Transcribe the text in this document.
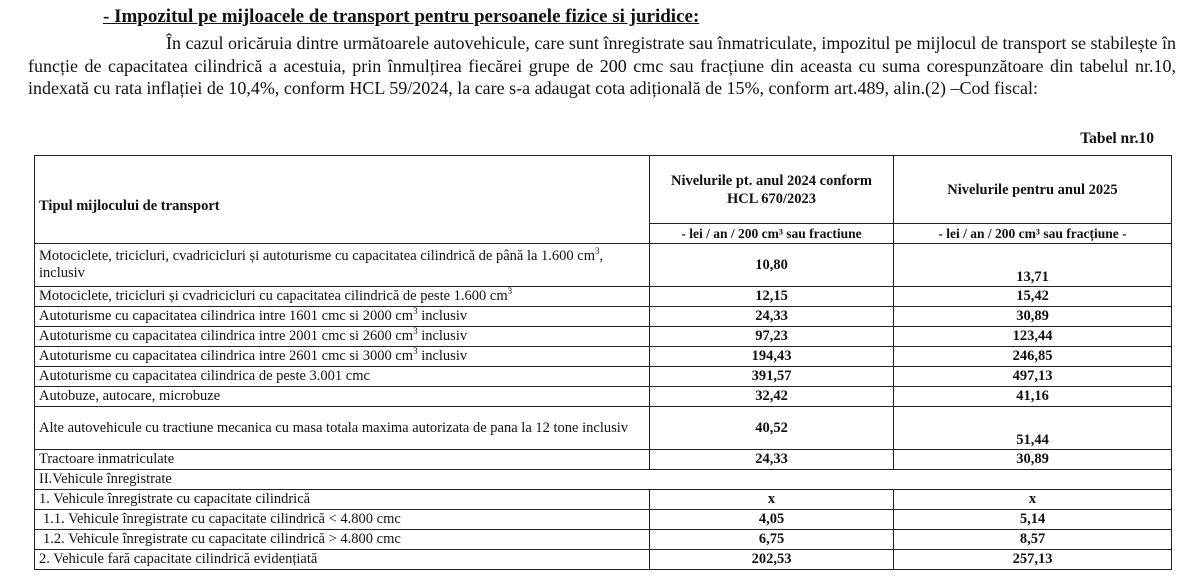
- Impozitul pe mijloacele de transport pentru persoanele fizice si juridice:
În cazul oricăruia dintre următoarele autovehicule, care sunt înregistrate sau înmatriculate, impozitul pe mijlocul de transport se stabilește în funcție de capacitatea cilindrică a acestuia, prin înmulțirea fiecărei grupe de 200 cmc sau fracțiune din aceasta cu suma corespunzătoare din tabelul nr.10, indexată cu rata inflației de 10,4%, conform HCL 59/2024, la care s-a adaugat cota adițională de 15%, conform art.489, alin.(2) –Cod fiscal:
Tabel nr.10
Tipul mijlocului de transport	Nivelurile pt. anul 2024 conform HCL 670/2023	Nivelurile pentru anul 2025
	- lei / an / 200 cm³ sau fractiune	- lei / an / 200 cm³ sau fracțiune -
Motociclete, tricicluri, cvadricicluri și autoturisme cu capacitatea cilindrică de până la 1.600 $cm^3$, inclusiv	10,80	13,71
Motociclete, tricicluri și cvadricicluri cu capacitatea cilindrică de peste 1.600 $cm^3$	12,15	15,42
Autoturisme cu capacitatea cilindrica intre 1601 cmc si 2000 $cm^3$ inclusiv	24,33	30,89
Autoturisme cu capacitatea cilindrica intre 2001 cmc si 2600 $cm^3$ inclusiv	97,23	123,44
Autoturisme cu capacitatea cilindrica intre 2601 cmc si 3000 $cm^3$ inclusiv	194,43	246,85
Autoturisme cu capacitatea cilindrica de peste 3.001 cmc	391,57	497,13
Autobuze, autocare, microbuze	32,42	41,16
Alte autovehicule cu tractiune mecanica cu masa totala maxima autorizata de pana la 12 tone inclusiv	40,52	51,44
Tractoare inmatriculate	24,33	30,89
II.Vehicule înregistrate		
1. Vehicule înregistrate cu capacitate cilindrică	x	x
1.1. Vehicule înregistrate cu capacitate cilindrică < 4.800 cmc	4,05	5,14
1.2. Vehicule înregistrate cu capacitate cilindrică > 4.800 cmc	6,75	8,57
2. Vehicule fară capacitate cilindrică evidențiată	202,53	257,13
